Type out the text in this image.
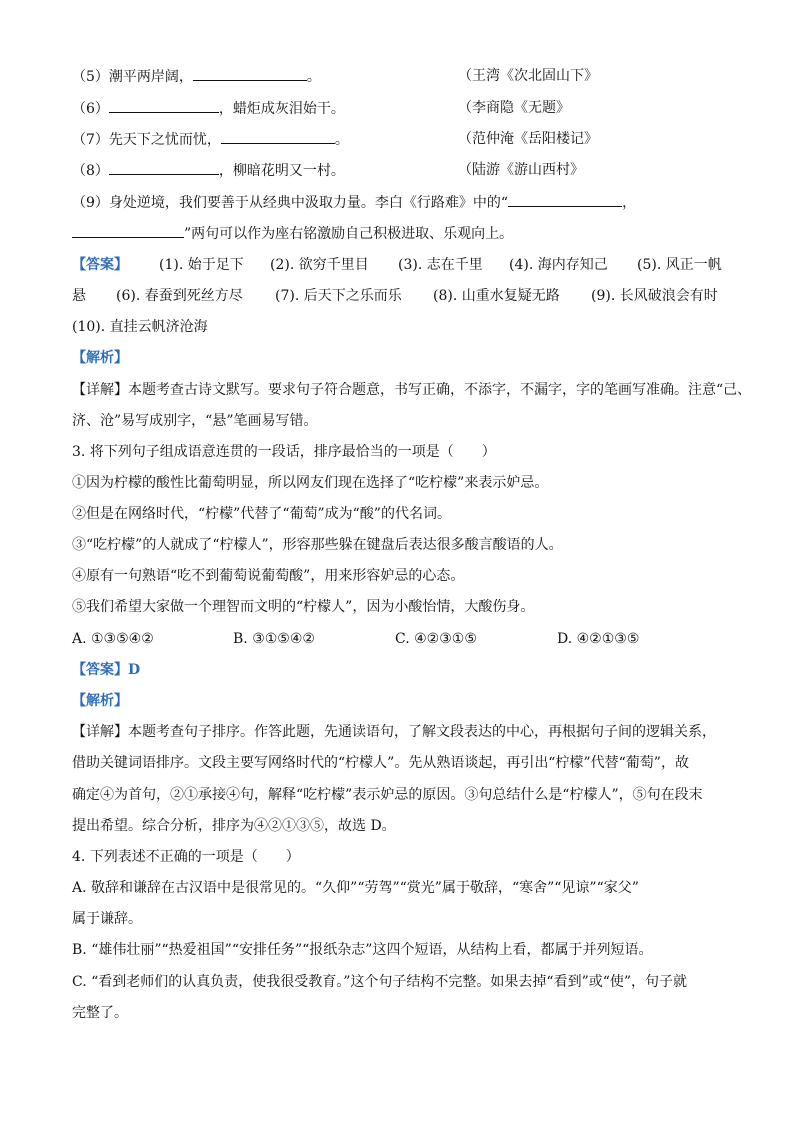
（5）潮平两岸阔，	。	（王湾《次北固山下》
（6）	，蜡炬成灰泪始干。	（李商隐《无题》
（7）先天下之忧而忧，	。	（范仲淹《岳阳楼记》
（8）	，柳暗花明又一村。	（陆游《游山西村》
（9）身处逆境，我们要善于从经典中汲取力量。李白《行路难》中的“	，
”两句可以作为座右铭激励自己积极进取、乐观向上。
【答案】 (1). 始于足下 (2). 欲穷千里目 (3). 志在千里 (4). 海内存知己 (5). 风正一帆
悬 (6). 春蚕到死丝方尽 (7). 后天下之乐而乐 (8). 山重水复疑无路 (9). 长风破浪会有时
(10). 直挂云帆济沧海
【解析】
【详解】本题考查古诗文默写。要求句子符合题意，书写正确，不添字，不漏字，字的笔画写准确。注意“己、
济、沧”易写成别字，“悬”笔画易写错。
3. 将下列句子组成语意连贯的一段话，排序最恰当的一项是（　　）
①因为柠檬的酸性比葡萄明显，所以网友们现在选择了“吃柠檬”来表示妒忌。
②但是在网络时代，“柠檬”代替了“葡萄”成为“酸”的代名词。
③“吃柠檬”的人就成了“柠檬人”，形容那些躲在键盘后表达很多酸言酸语的人。
④原有一句熟语“吃不到葡萄说葡萄酸”，用来形容妒忌的心态。
⑤我们希望大家做一个理智而文明的“柠檬人”，因为小酸怡情，大酸伤身。
A. ①③⑤④②	B. ③①⑤④②	C. ④②③①⑤	D. ④②①③⑤
【答案】D
【解析】
【详解】本题考查句子排序。作答此题，先通读语句，了解文段表达的中心，再根据句子间的逻辑关系，
借助关键词语排序。文段主要写网络时代的“柠檬人”。先从熟语谈起，再引出“柠檬”代替“葡萄”，故
确定④为首句，②①承接④句，解释“吃柠檬”表示妒忌的原因。③句总结什么是“柠檬人”，⑤句在段末
提出希望。综合分析，排序为④②①③⑤，故选 D。
4. 下列表述不正确的一项是（　　）
A. 敬辞和谦辞在古汉语中是很常见的。“久仰”“劳驾”“赏光”属于敬辞，“寒舍”“见谅”“家父”
属于谦辞。
B. “雄伟壮丽”“热爱祖国”“安排任务”“报纸杂志”这四个短语，从结构上看，都属于并列短语。
C. “看到老师们的认真负责，使我很受教育。”这个句子结构不完整。如果去掉“看到”或“使”，句子就
完整了。
